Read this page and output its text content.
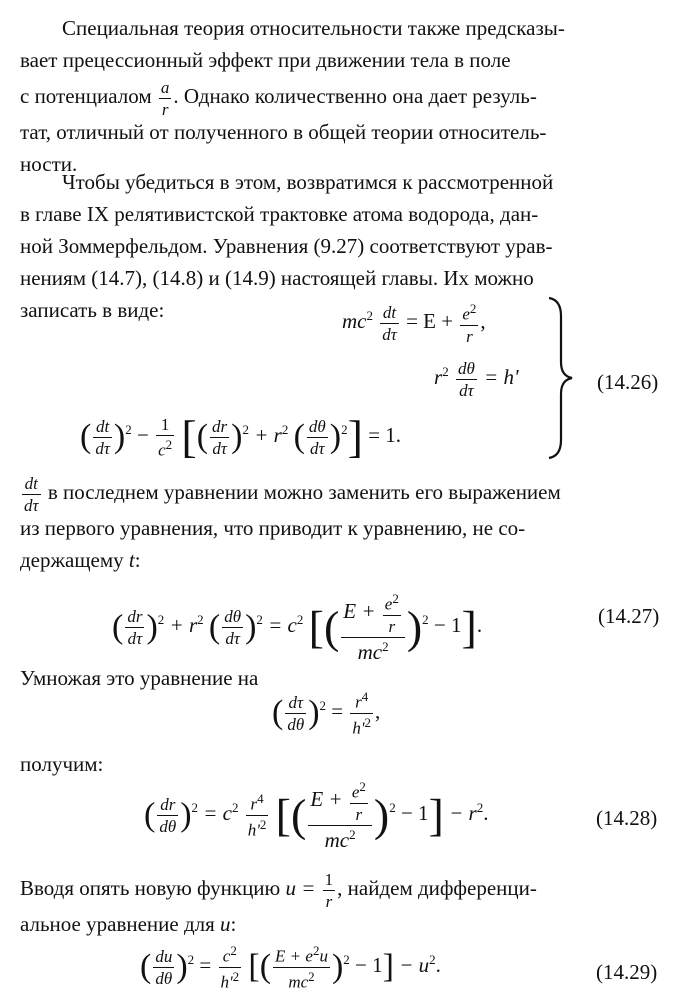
Специальная теория относительности также предсказы-
вает прецессионный эффект при движении тела в поле
с потенциалом $\frac{a}{r}$ . Однако количественно она дает резуль-
тат, отличный от полученного в общей теории относитель-
ности.
Чтобы убедиться в этом, возвратимся к рассмотренной
в главе IX релятивистской трактовке атома водорода, дан-
ной Зоммерфельдом. Уравнения (9.27) соответствуют урав-
нениям (14.7), (14.8) и (14.9) настоящей главы. Их можно
записать в виде:	$mc^2 \frac{dt}{d\tau} = E + \frac{e^2}{r}$ ,
$r^2 \frac{d\theta}{d\tau} = h'$
( $\frac{dt}{d\tau} )^2 - \frac{1}{c^2}$ [( $\frac{dr}{d\tau} )^2 + r^2$ ( $\frac{d\theta}{d\tau} )^2] = 1$.
(14.26)
$\frac{dt}{d\tau}$ в последнем уравнении можно заменить его выражением
из первого уравнения, что приводит к уравнению, не со-
держащему t:
( $\frac{dr}{d\tau} )^2 + r^2$ ( $\frac{d\theta}{d\tau} )^2 = c^2$ [( $\frac{E + \frac{e^2}{r}}{mc^2} )^2 - 1$].	(14.27)
Умножая это уравнение на
( $\frac{d\tau}{d\theta} )^2 = \frac{r^4}{h'^2}$ ,
получим:
( $\frac{dr}{d\theta} )^2 = c^2 \frac{r^4}{h'^2}$ [( $\frac{E + \frac{e^2}{r}}{mc^2} )^2 - 1] - r^2$.	(14.28)
Вводя опять новую функцию $u = \frac{1}{r}$ , найдем дифференци-
альное уравнение для u:
( $\frac{du}{d\theta} )^2 = \frac{c^2}{h'^2}$ [( $\frac{E + e^2u}{mc^2} )^2 - 1] - u^2$.	(14.29)
